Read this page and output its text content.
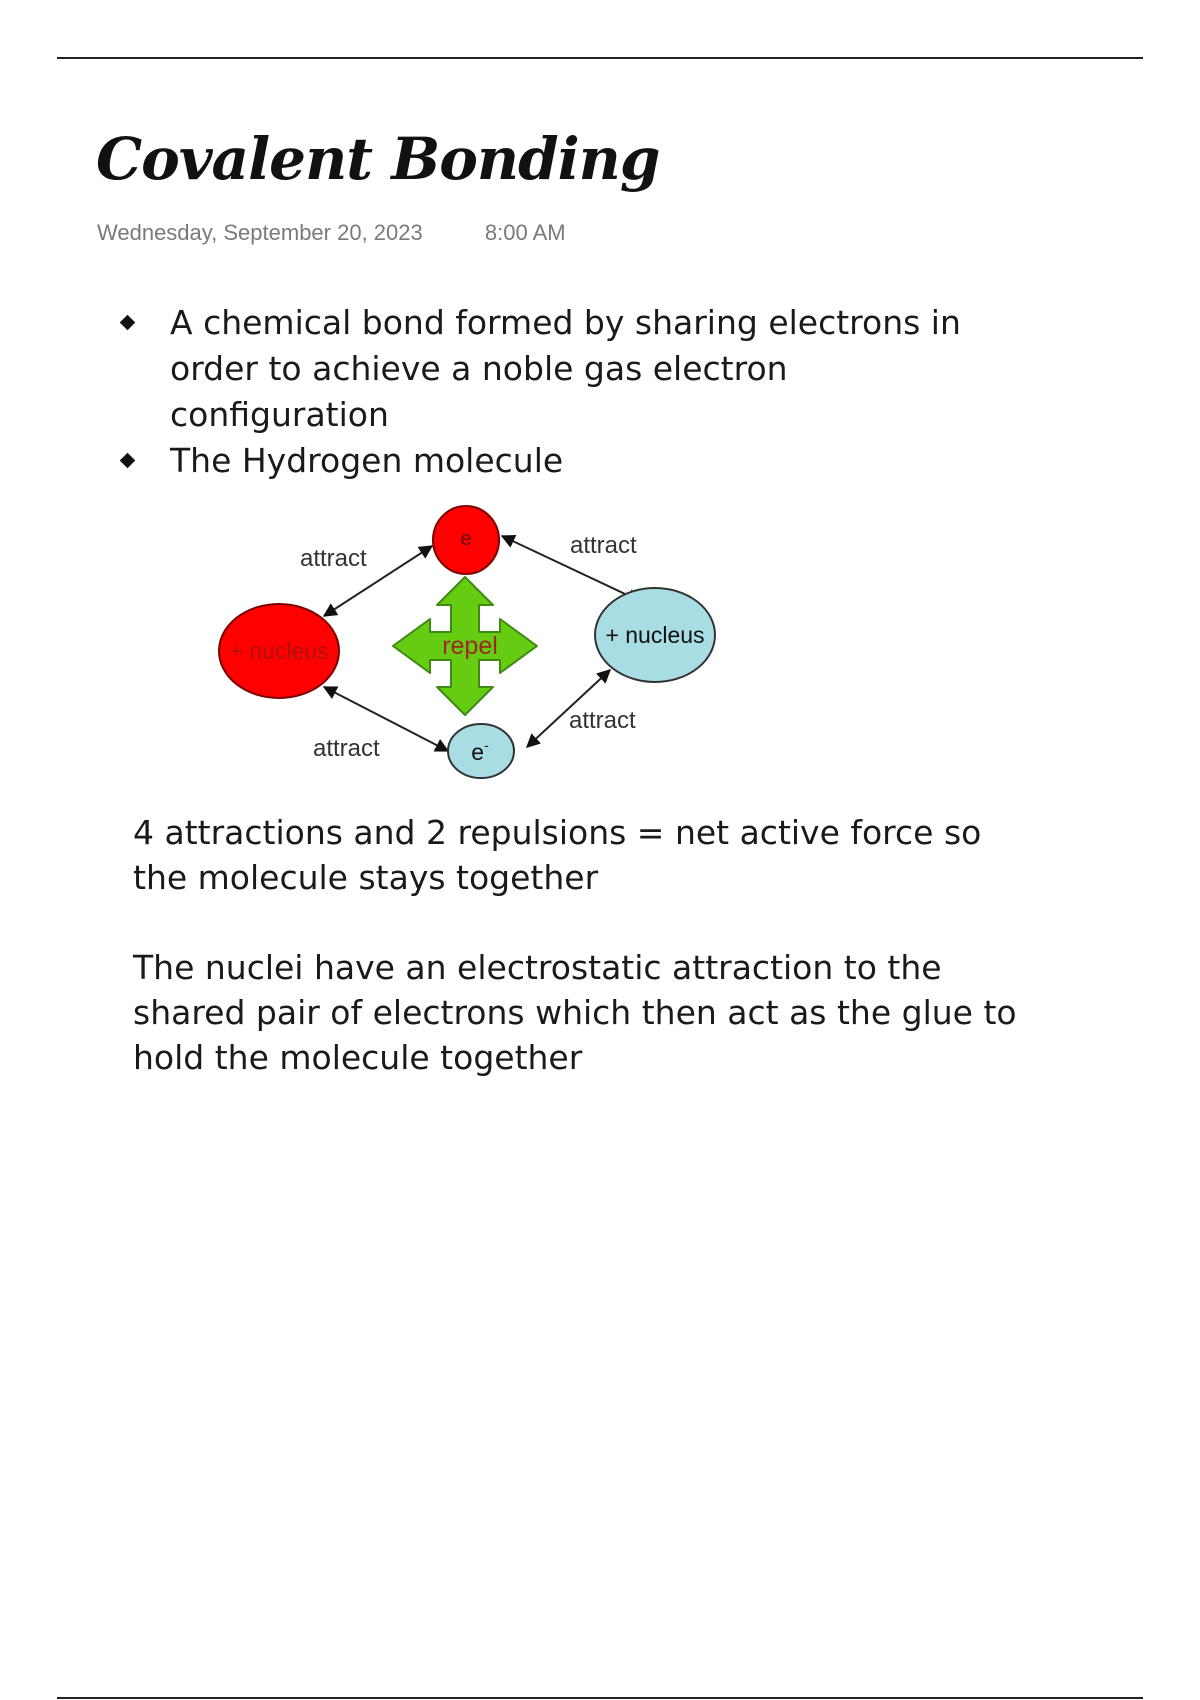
Covalent Bonding
Wednesday, September 20, 2023	8:00 AM
A chemical bond formed by sharing electrons in order to achieve a noble gas electron configuration
The Hydrogen molecule
repel
e
+ nucleus
+ nucleus
e-
attract	attract
attract
attract

4 attractions and 2 repulsions = net active force so the molecule stays together

The nuclei have an electrostatic attraction to the shared pair of electrons which then act as the glue to hold the molecule together
